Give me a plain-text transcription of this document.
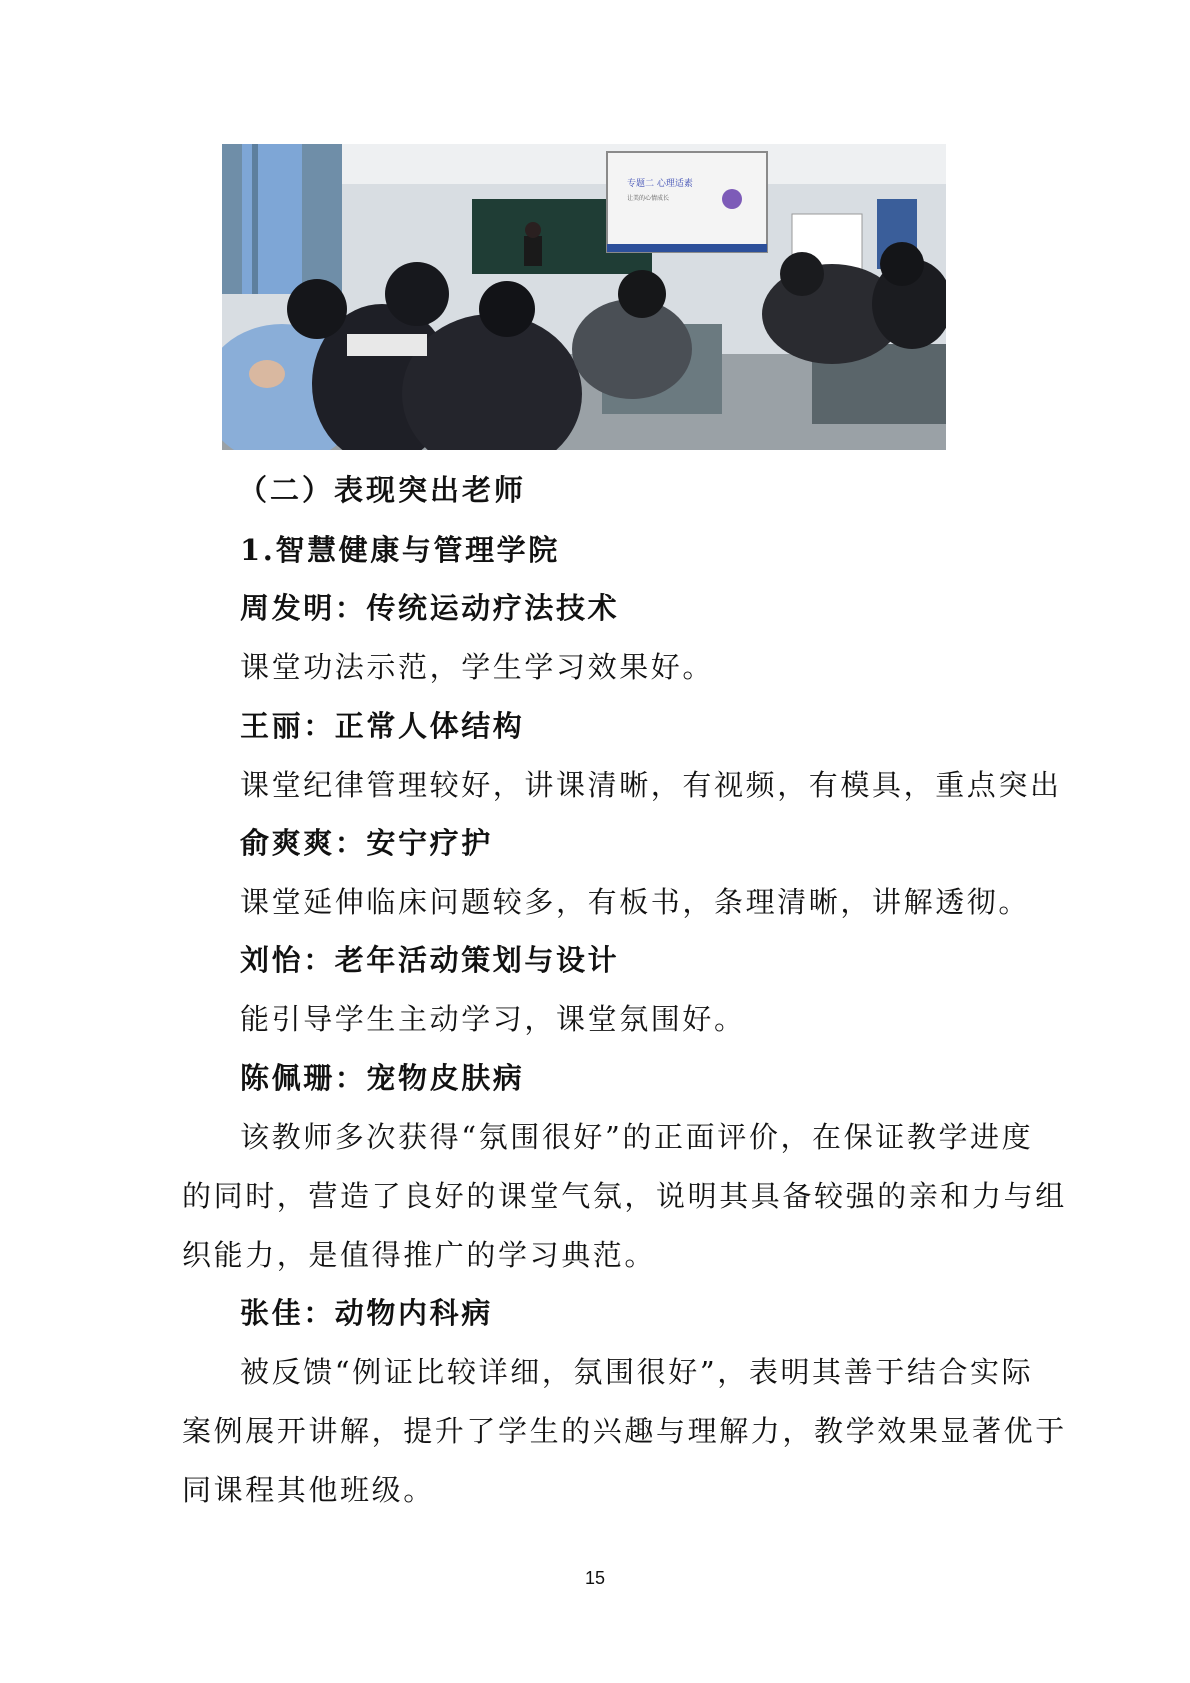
专题二 心理适素
让美的心情成长
（二）表现突出老师
1.智慧健康与管理学院
周发明：传统运动疗法技术
课堂功法示范，学生学习效果好。
王丽：正常人体结构
课堂纪律管理较好，讲课清晰，有视频，有模具，重点突出
俞爽爽：安宁疗护
课堂延伸临床问题较多，有板书，条理清晰，讲解透彻。
刘怡：老年活动策划与设计
能引导学生主动学习，课堂氛围好。
陈佩珊：宠物皮肤病
该教师多次获得“氛围很好”的正面评价，在保证教学进度
的同时，营造了良好的课堂气氛，说明其具备较强的亲和力与组
织能力，是值得推广的学习典范。
张佳：动物内科病
被反馈“例证比较详细，氛围很好”，表明其善于结合实际
案例展开讲解，提升了学生的兴趣与理解力，教学效果显著优于
同课程其他班级。
15
